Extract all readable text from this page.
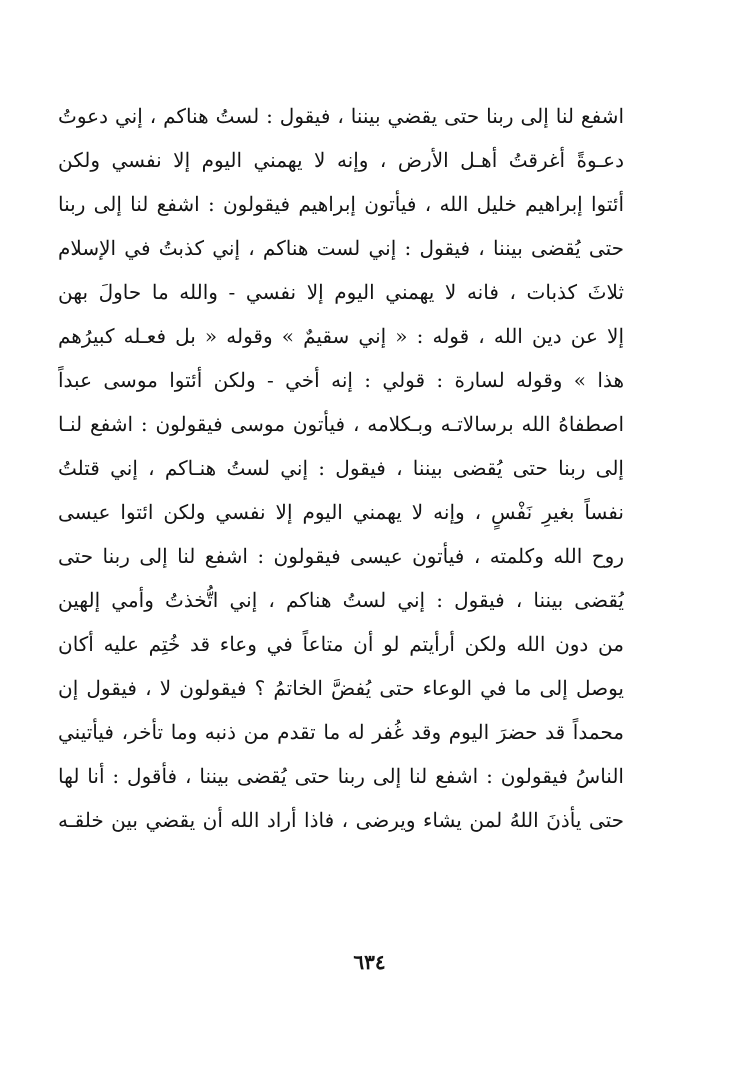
اشفع لنا إلى ربنا حتى يقضي بيننا ، فيقول : لستُ هناكم ، إني دعوتُ
دعـوةً أغرقتُ أهـل الأرض ، وإنه لا يهمني اليوم إلا نفسي ولكن
أئتوا إبراهيم خليل الله ، فيأتون إبراهيم فيقولون : اشفع لنا إلى ربنا
حتى يُقضى بيننا ، فيقول : إني لست هناكم ، إني كذبتُ في الإسلام
ثلاثَ كذبات ، فانه لا يهمني اليوم إلا نفسي - والله ما حاولَ بهن
إلا عن دين الله ، قوله : « إني سقيمٌ » وقوله « بل فعـله كبيرُهم
هذا » وقوله لسارة : قولي : إنه أخي - ولكن أئتوا موسى عبداً
اصطفاهُ الله برسالاتـه وبـكلامه ، فيأتون موسى فيقولون : اشفع لنـا
إلى ربنا حتى يُقضى بيننا ، فيقول : إني لستُ هنـاكم ، إني قتلتُ
نفساً بغيرِ نَفْسٍ ، وإنه لا يهمني اليوم إلا نفسي ولكن ائتوا عيسى
روح الله وكلمته ، فيأتون عيسى فيقولون : اشفع لنا إلى ربنا حتى
يُقضى بيننا ، فيقول : إني لستُ هناكم ، إني اتُّخذتُ وأمي إلهين
من دون الله ولكن أرأيتم لو أن متاعاً في وعاء قد خُتِم عليه أكان
يوصل إلى ما في الوعاء حتى يُفضَّ الخاتمُ ؟ فيقولون لا ، فيقول إن
محمداً قد حضرَ اليوم وقد غُفر له ما تقدم من ذنبه وما تأخر، فيأتيني
الناسُ فيقولون : اشفع لنا إلى ربنا حتى يُقضى بيننا ، فأقول : أنا لها
حتى يأذنَ اللهُ لمن يشاء ويرضى ، فاذا أراد الله أن يقضي بين خلقـه
٦٣٤
